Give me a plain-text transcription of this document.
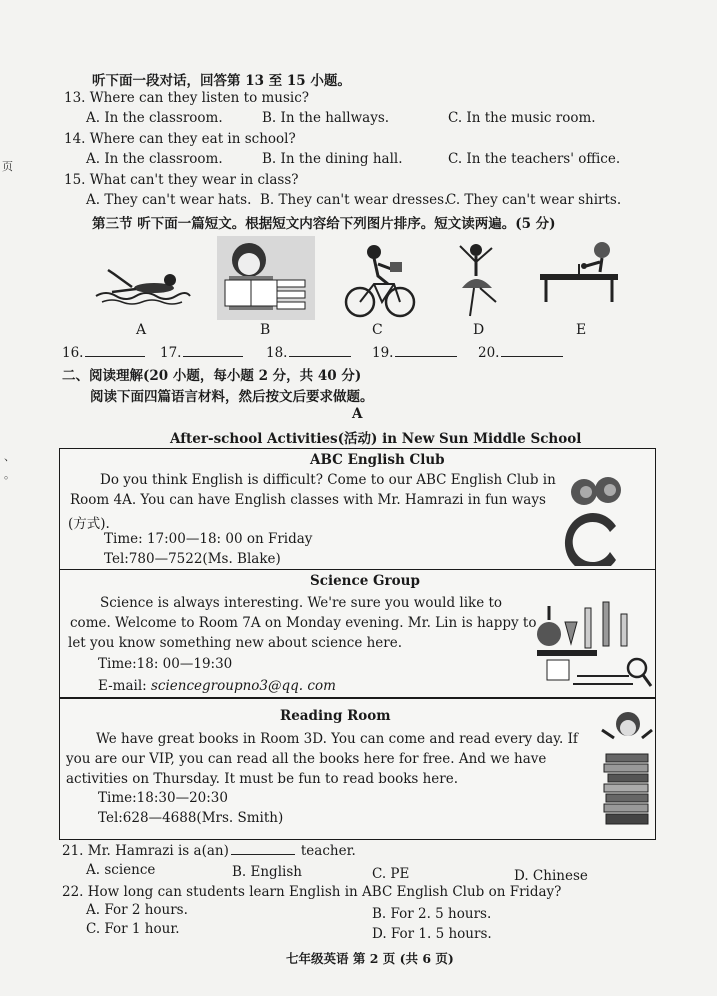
页
、
。
听下面一段对话，回答第 13 至 15 小题。
13. Where can they listen to music?
A. In the classroom.	B. In the hallways.	C. In the music room.
14. Where can they eat in school?
A. In the classroom.	B. In the dining hall.	C. In the teachers' office.
15. What can't they wear in class?
A. They can't wear hats. B. They can't wear dresses.
C. They can't wear shirts.
第三节 听下面一篇短文。根据短文内容给下列图片排序。短文读两遍。(5 分)
A	B	C	D	E
16.	17.	18.	19.	20.
二、阅读理解(20 小题，每小题 2 分，共 40 分)
阅读下面四篇语言材料，然后按文后要求做题。
A
After-school Activities(活动) in New Sun Middle School
ABC English Club
Do you think English is difficult? Come to our ABC English Club in
Room 4A. You can have English classes with Mr. Hamrazi in fun ways
(方式).
Time: 17:00—18: 00 on Friday
Tel:780—7522(Ms. Blake)
Science Group
Science is always interesting. We're sure you would like to
come. Welcome to Room 7A on Monday evening. Mr. Lin is happy to
let you know something new about science here.
Time:18: 00—19:30
E-mail: sciencegroupno3@qq. com
Reading Room
We have great books in Room 3D. You can come and read every day. If
you are our VIP, you can read all the books here for free. And we have
activities on Thursday. It must be fun to read books here.
Time:18:30—20:30
Tel:628—4688(Mrs. Smith)
21. Mr. Hamrazi is a(an)	teacher.
A. science	B. English	C. PE	D. Chinese
22. How long can students learn English in ABC English Club on Friday?
A. For 2 hours.	B. For 2. 5 hours.
C. For 1 hour.	D. For 1. 5 hours.
七年级英语 第 2 页 (共 6 页)
